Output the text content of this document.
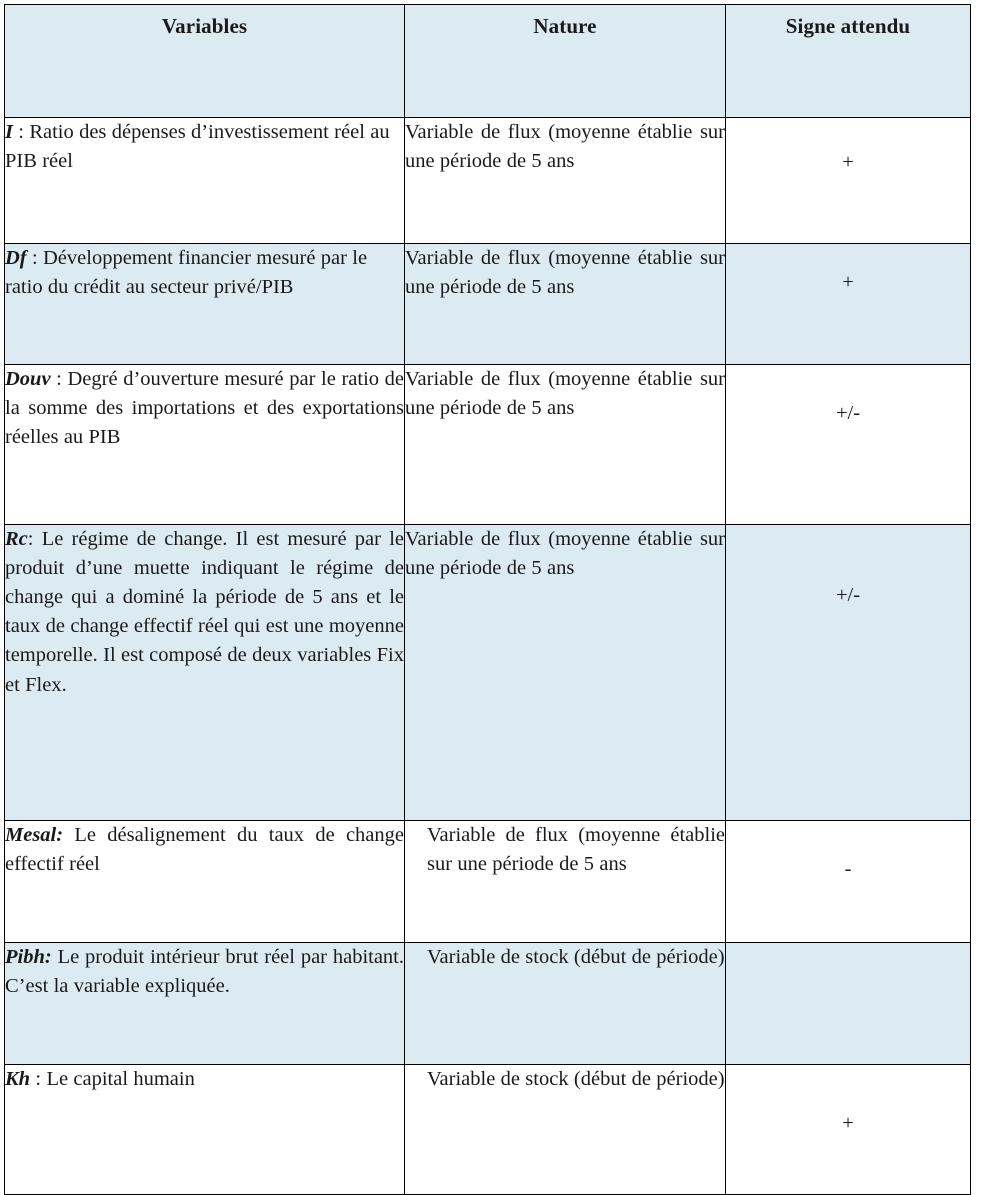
Variables	Nature	Signe attendu

I : Ratio des dépenses d’investissement réel au PIB réel	Variable de flux (moyenne établie sur une période de 5 ans	+

Df : Développement financier mesuré par le ratio du crédit au secteur privé/PIB	Variable de flux (moyenne établie sur une période de 5 ans	+

Douv : Degré d’ouverture mesuré par le ratio de la somme des importations et des exportations réelles au PIB	Variable de flux (moyenne établie sur une période de 5 ans	+/-

Rc: Le régime de change. Il est mesuré par le produit d’une muette indiquant le régime de change qui a dominé la période de 5 ans et le taux de change effectif réel qui est une moyenne temporelle. Il est composé de deux variables Fix et Flex.	Variable de flux (moyenne établie sur une période de 5 ans	+/-

Mesal: Le désalignement du taux de change effectif réel	Variable de flux (moyenne établie sur une période de 5 ans	-

Pibh: Le produit intérieur brut réel par habitant. C’est la variable expliquée.	Variable de stock (début de période)	

Kh : Le capital humain	Variable de stock (début de période)	+
